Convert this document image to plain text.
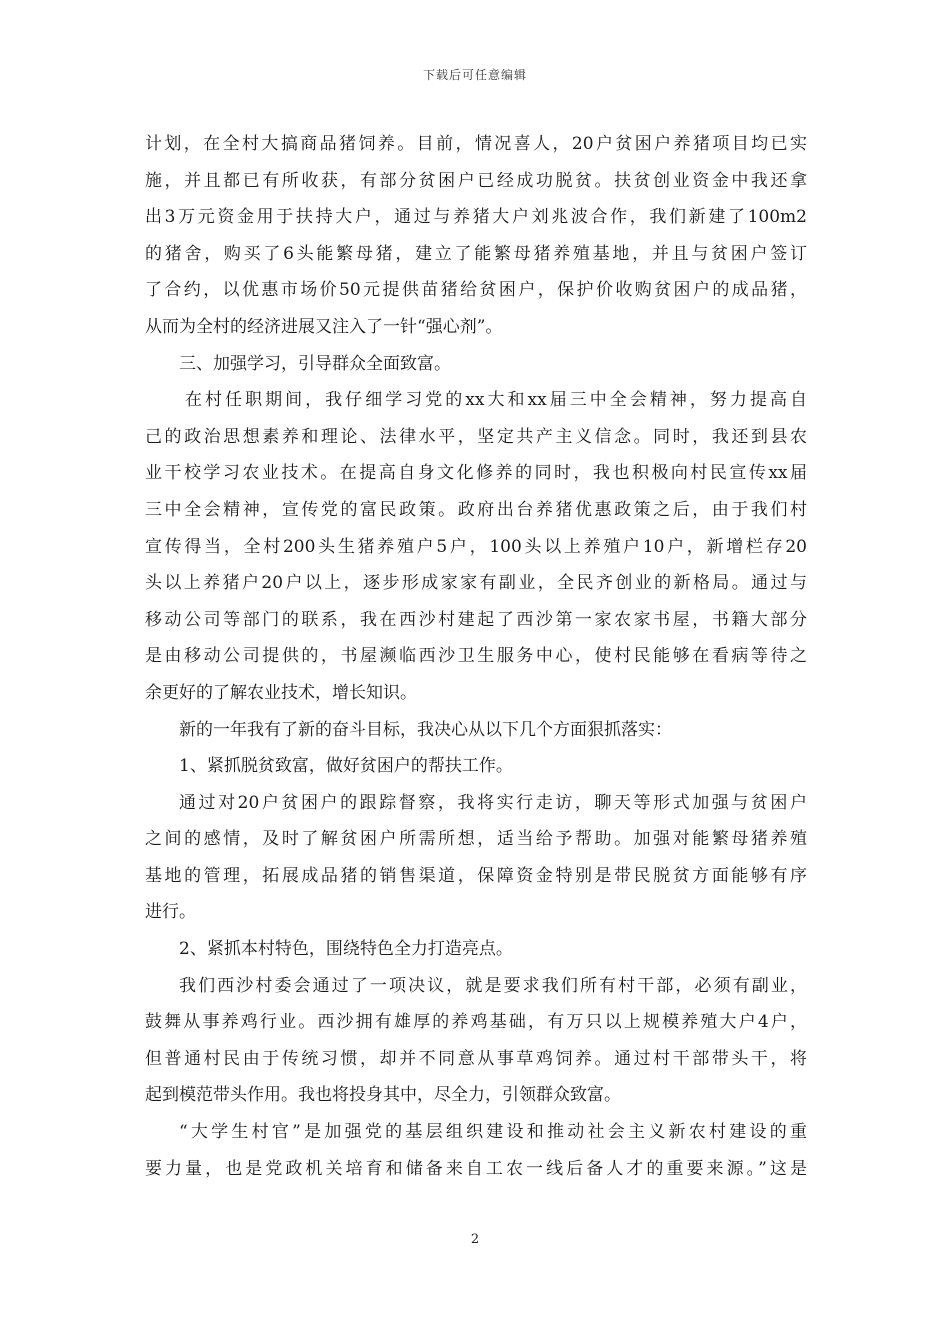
下载后可任意编辑
计划，在全村大搞商品猪饲养。目前，情况喜人，20户贫困户养猪项目均已实
施，并且都已有所收获，有部分贫困户已经成功脱贫。扶贫创业资金中我还拿
出3万元资金用于扶持大户，通过与养猪大户刘兆波合作，我们新建了100m2
的猪舍，购买了6头能繁母猪，建立了能繁母猪养殖基地，并且与贫困户签订
了合约，以优惠市场价50元提供苗猪给贫困户，保护价收购贫困户的成品猪，
从而为全村的经济进展又注入了一针“强心剂”。
三、加强学习，引导群众全面致富。
在村任职期间，我仔细学习党的xx大和xx届三中全会精神，努力提高自
己的政治思想素养和理论、法律水平，坚定共产主义信念。同时，我还到县农
业干校学习农业技术。在提高自身文化修养的同时，我也积极向村民宣传xx届
三中全会精神，宣传党的富民政策。政府出台养猪优惠政策之后，由于我们村
宣传得当，全村200头生猪养殖户5户，100头以上养殖户10户，新增栏存20
头以上养猪户20户以上，逐步形成家家有副业，全民齐创业的新格局。通过与
移动公司等部门的联系，我在西沙村建起了西沙第一家农家书屋，书籍大部分
是由移动公司提供的，书屋濒临西沙卫生服务中心，使村民能够在看病等待之
余更好的了解农业技术，增长知识。
新的一年我有了新的奋斗目标，我决心从以下几个方面狠抓落实：
1、紧抓脱贫致富，做好贫困户的帮扶工作。
通过对20户贫困户的跟踪督察，我将实行走访，聊天等形式加强与贫困户
之间的感情，及时了解贫困户所需所想，适当给予帮助。加强对能繁母猪养殖
基地的管理，拓展成品猪的销售渠道，保障资金特别是带民脱贫方面能够有序
进行。
2、紧抓本村特色，围绕特色全力打造亮点。
我们西沙村委会通过了一项决议，就是要求我们所有村干部，必须有副业，
鼓舞从事养鸡行业。西沙拥有雄厚的养鸡基础，有万只以上规模养殖大户4户，
但普通村民由于传统习惯，却并不同意从事草鸡饲养。通过村干部带头干，将
起到模范带头作用。我也将投身其中，尽全力，引领群众致富。
“大学生村官”是加强党的基层组织建设和推动社会主义新农村建设的重
要力量，也是党政机关培育和储备来自工农一线后备人才的重要来源。”这是
2
